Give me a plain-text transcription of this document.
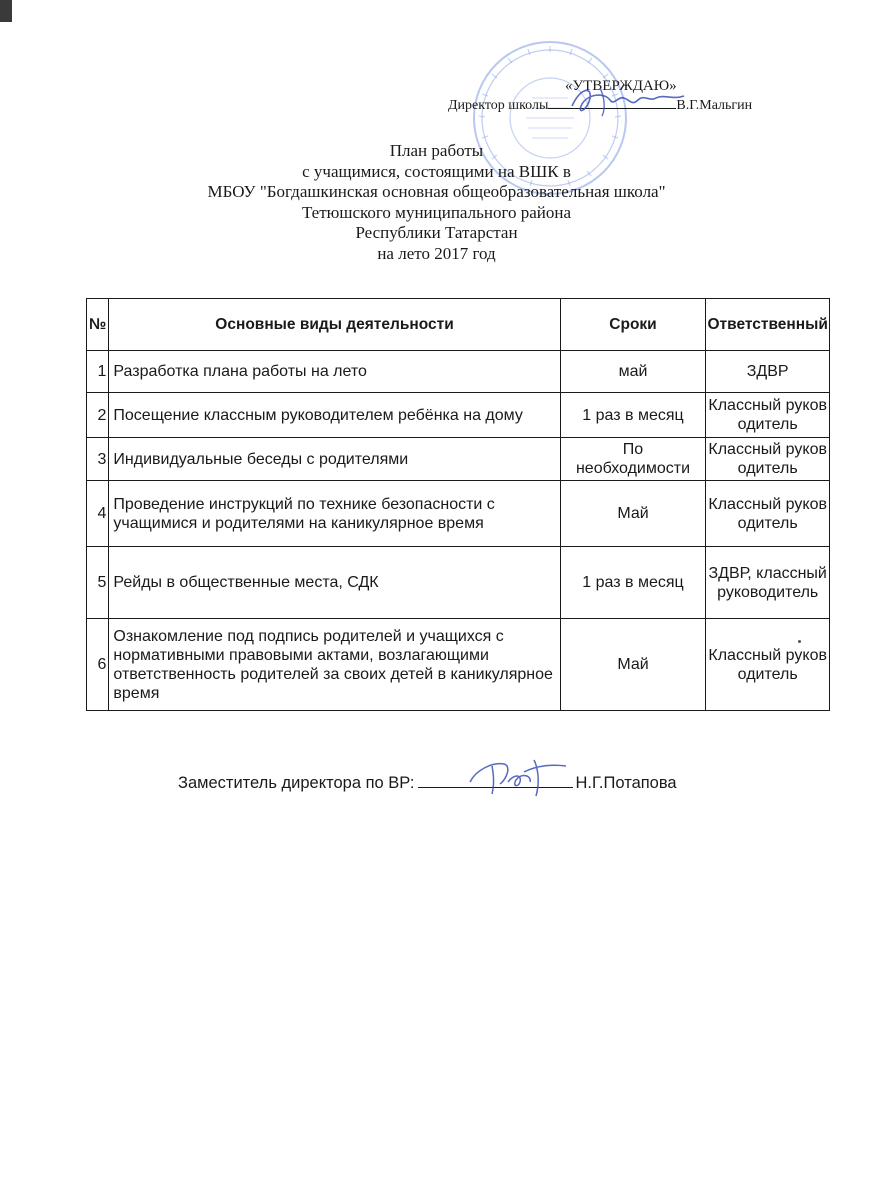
«УТВЕРЖДАЮ»
Директор школы	В.Г.Мальгин
План работы
с учащимися, состоящими на ВШК в
МБОУ "Богдашкинская основная общеобразовательная школа"
Тетюшского муниципального района
Республики Татарстан
на лето 2017 год
№	Основные виды деятельности	Сроки	Ответственный
1	Разработка плана работы на лето	май	ЗДВР
2	Посещение классным руководителем ребёнка на дому	1 раз в месяц	Классный руководитель
3	Индивидуальные беседы с родителями	По необходимости	Классный руководитель
4	Проведение инструкций по технике безопасности с учащимися и родителями на каникулярное время	Май	Классный руководитель
5	Рейды в общественные места, СДК	1 раз в месяц	ЗДВР, классный руководитель
6	Ознакомление под подпись родителей и учащихся с нормативными правовыми актами, возлагающими ответственность родителей за своих детей в каникулярное время	Май	Классный руководитель
Заместитель директора по ВР:	Н.Г.Потапова
